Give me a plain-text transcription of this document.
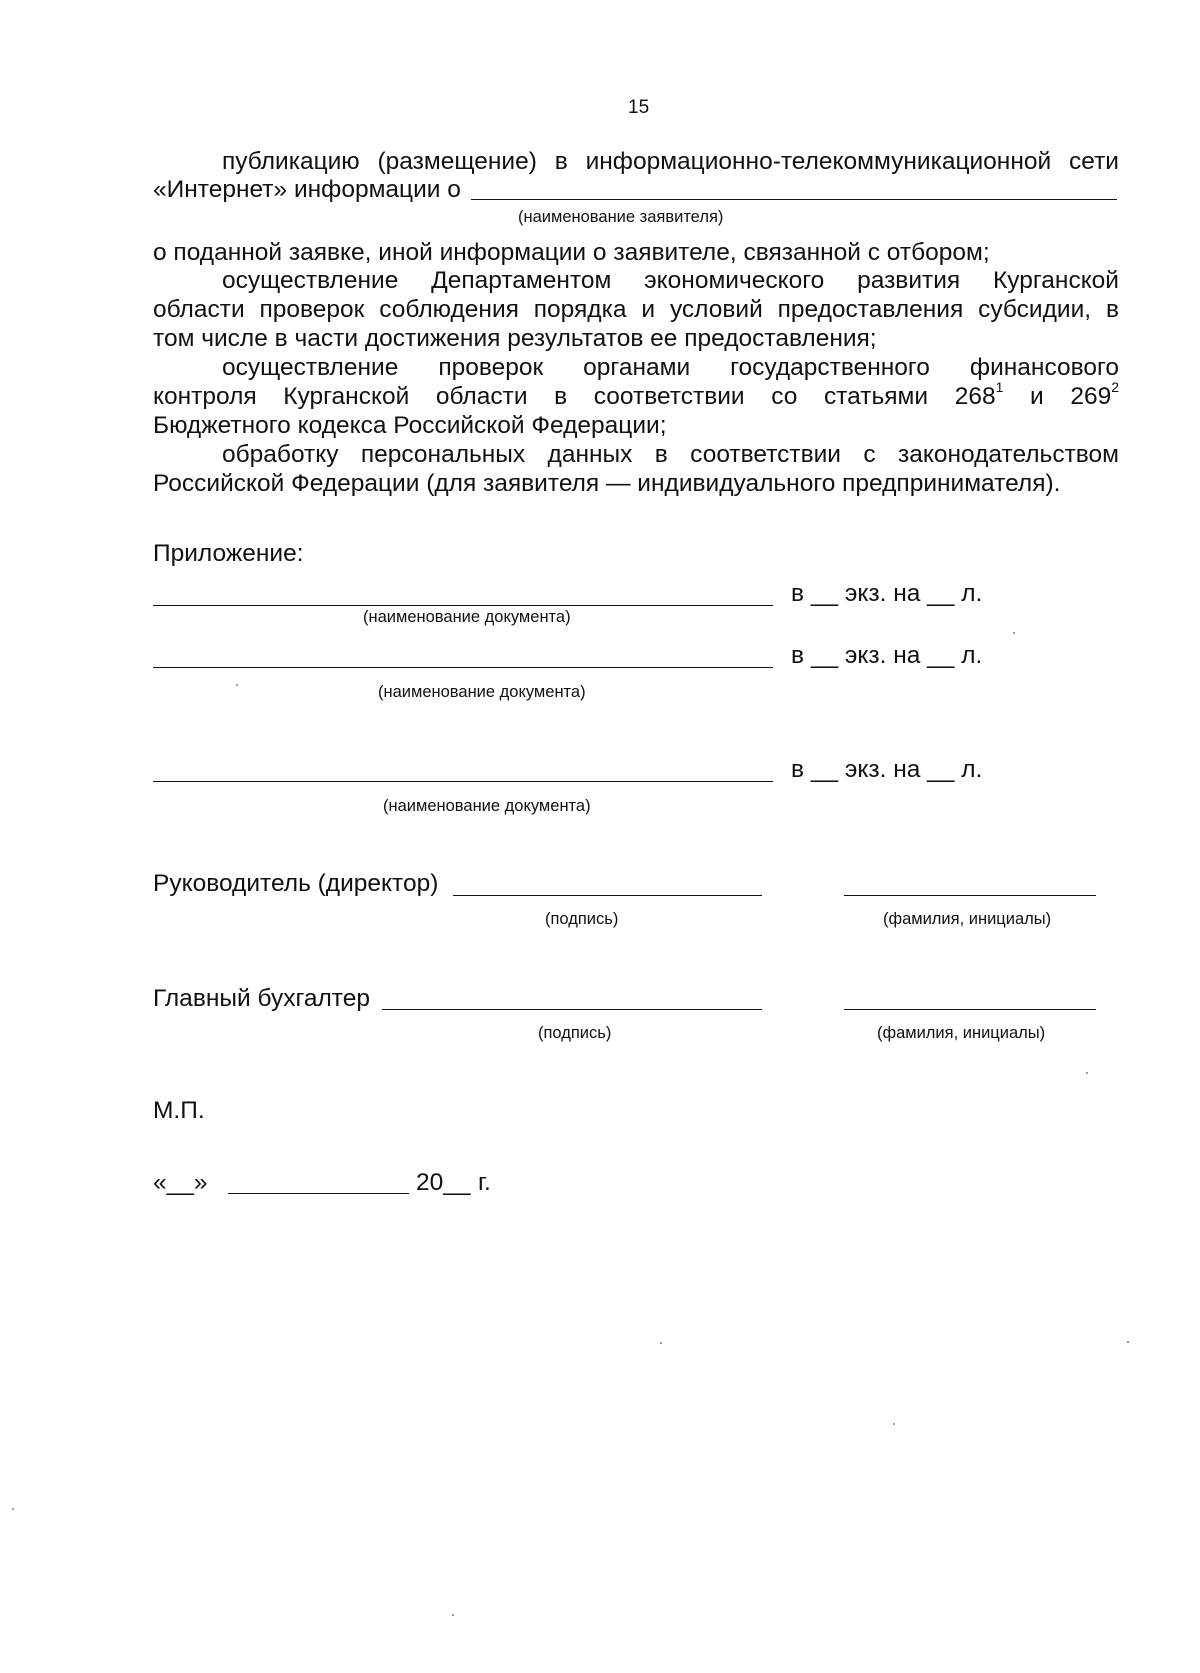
15
публикацию (размещение) в информационно-телекоммуникационной сети
«Интернет» информации о
(наименование заявителя)
о поданной заявке, иной информации о заявителе, связанной с отбором;
осуществление Департаментом экономического развития Курганской
области проверок соблюдения порядка и условий предоставления субсидии, в
том числе в части достижения результатов ее предоставления;
осуществление проверок органами государственного финансового
контроля Курганской области в соответствии со статьями $268^1$ и $269^2$
Бюджетного кодекса Российской Федерации;
обработку персональных данных в соответствии с законодательством
Российской Федерации (для заявителя — индивидуального предпринимателя).
Приложение:
в __ экз. на __ л.
(наименование документа)
в __ экз. на __ л.
(наименование документа)
в __ экз. на __ л.
(наименование документа)
Руководитель (директор)
(подпись)	(фамилия, инициалы)
Главный бухгалтер
(подпись)	(фамилия, инициалы)
М.П.
«__»	20__ г.
